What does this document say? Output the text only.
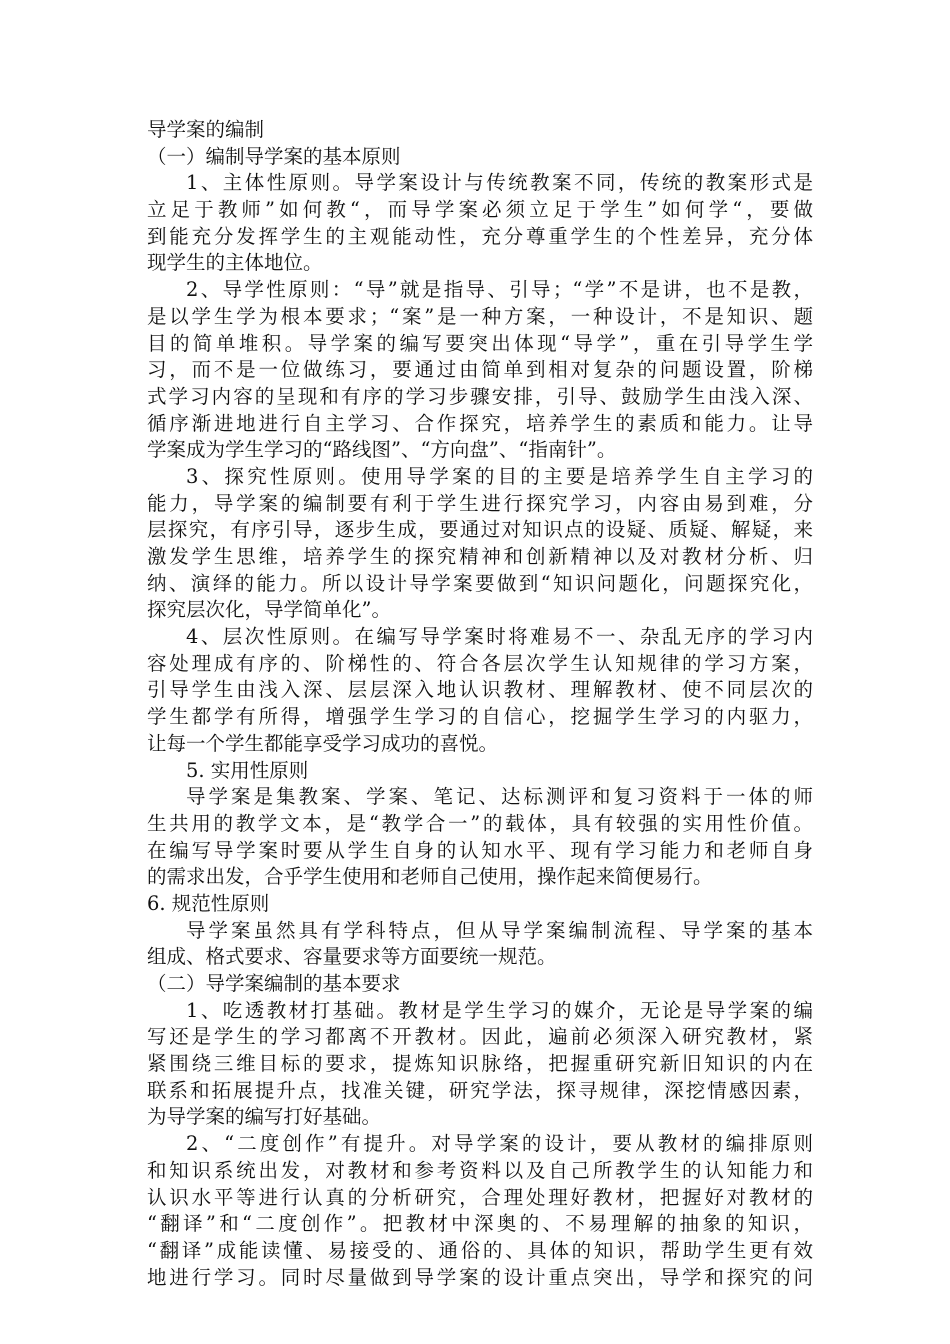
导学案的编制
（一）编制导学案的基本原则
1、主体性原则。导学案设计与传统教案不同，传统的教案形式是
立足于教师”如何教“，而导学案必须立足于学生”如何学“，要做
到能充分发挥学生的主观能动性，充分尊重学生的个性差异，充分体
现学生的主体地位。
2、导学性原则：“导”就是指导、引导；“学”不是讲，也不是教，
是以学生学为根本要求；“案”是一种方案，一种设计，不是知识、题
目的简单堆积。导学案的编写要突出体现“导学”，重在引导学生学
习，而不是一位做练习，要通过由简单到相对复杂的问题设置，阶梯
式学习内容的呈现和有序的学习步骤安排，引导、鼓励学生由浅入深、
循序渐进地进行自主学习、合作探究，培养学生的素质和能力。让导
学案成为学生学习的“路线图”、“方向盘”、“指南针”。
3、探究性原则。使用导学案的目的主要是培养学生自主学习的
能力，导学案的编制要有利于学生进行探究学习，内容由易到难，分
层探究，有序引导，逐步生成，要通过对知识点的设疑、质疑、解疑，来
激发学生思维，培养学生的探究精神和创新精神以及对教材分析、归
纳、演绎的能力。所以设计导学案要做到“知识问题化，问题探究化，
探究层次化，导学简单化”。
4、层次性原则。在编写导学案时将难易不一、杂乱无序的学习内
容处理成有序的、阶梯性的、符合各层次学生认知规律的学习方案，
引导学生由浅入深、层层深入地认识教材、理解教材、使不同层次的
学生都学有所得，增强学生学习的自信心，挖掘学生学习的内驱力，
让每一个学生都能享受学习成功的喜悦。
5. 实用性原则
导学案是集教案、学案、笔记、达标测评和复习资料于一体的师
生共用的教学文本，是“教学合一”的载体，具有较强的实用性价值。
在编写导学案时要从学生自身的认知水平、现有学习能力和老师自身
的需求出发，合乎学生使用和老师自己使用，操作起来简便易行。
6. 规范性原则
导学案虽然具有学科特点，但从导学案编制流程、导学案的基本
组成、格式要求、容量要求等方面要统一规范。
（二）导学案编制的基本要求
1、吃透教材打基础。教材是学生学习的媒介，无论是导学案的编
写还是学生的学习都离不开教材。因此，遍前必须深入研究教材，紧
紧围绕三维目标的要求，提炼知识脉络，把握重研究新旧知识的内在
联系和拓展提升点，找准关键，研究学法，探寻规律，深挖情感因素，
为导学案的编写打好基础。
2、“二度创作”有提升。对导学案的设计，要从教材的编排原则
和知识系统出发，对教材和参考资料以及自己所教学生的认知能力和
认识水平等进行认真的分析研究，合理处理好教材，把握好对教材的
“翻译”和“二度创作”。把教材中深奥的、不易理解的抽象的知识，
“翻译”成能读懂、易接受的、通俗的、具体的知识，帮助学生更有效
地进行学习。同时尽量做到导学案的设计重点突出，导学和探究的问
